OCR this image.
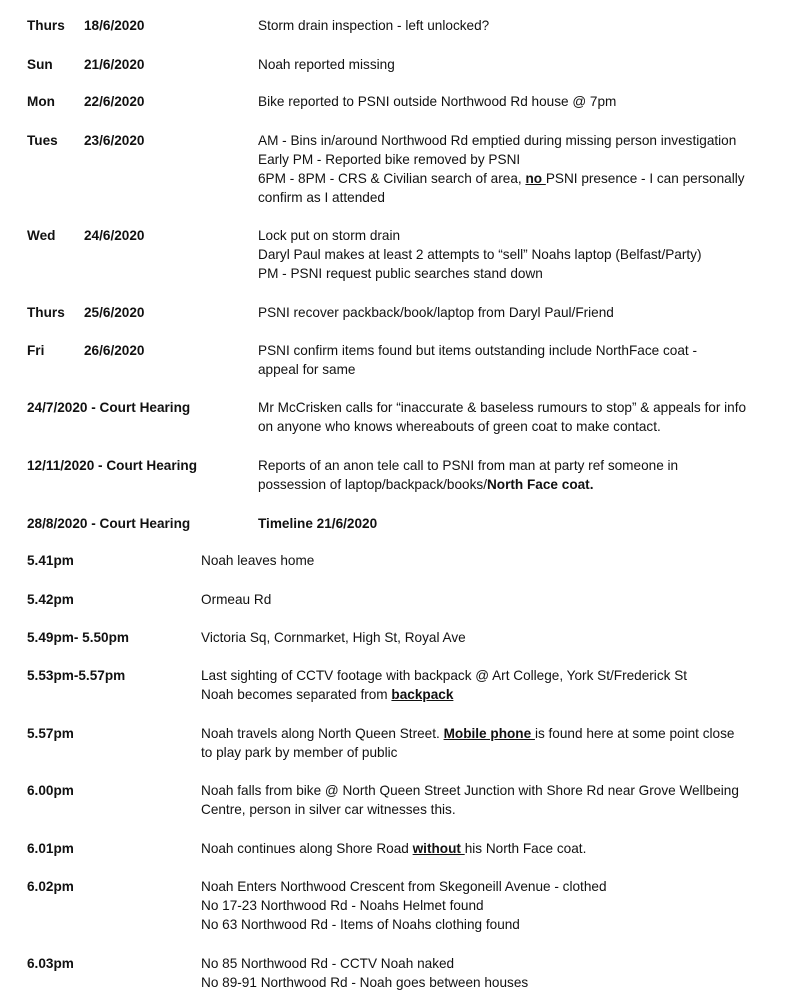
Thurs 18/6/2020	Storm drain inspection - left unlocked?
Sun 21/6/2020	Noah reported missing
Mon 22/6/2020	Bike reported to PSNI outside Northwood Rd house @ 7pm
Tues 23/6/2020	AM - Bins in/around Northwood Rd emptied during missing person investigation
Early PM - Reported bike removed by PSNI
6PM - 8PM - CRS & Civilian search of area, no PSNI presence - I can personally
confirm as I attended
Wed 24/6/2020	Lock put on storm drain
Daryl Paul makes at least 2 attempts to “sell” Noahs laptop (Belfast/Party)
PM - PSNI request public searches stand down
Thurs 25/6/2020	PSNI recover packback/book/laptop from Daryl Paul/Friend
Fri	26/6/2020	PSNI confirm items found but items outstanding include NorthFace coat -
appeal for same
24/7/2020 - Court Hearing	Mr McCrisken calls for “inaccurate & baseless rumours to stop” & appeals for info
on anyone who knows whereabouts of green coat to make contact.
12/11/2020 - Court Hearing	Reports of an anon tele call to PSNI from man at party ref someone in
possession of laptop/backpack/books/North Face coat.
28/8/2020 - Court Hearing	Timeline 21/6/2020
5.41pm	Noah leaves home
5.42pm	Ormeau Rd
5.49pm- 5.50pm	Victoria Sq, Cornmarket, High St, Royal Ave
5.53pm-5.57pm	Last sighting of CCTV footage with backpack @ Art College, York St/Frederick St
Noah becomes separated from backpack
5.57pm	Noah travels along North Queen Street. Mobile phone is found here at some point close
to play park by member of public
6.00pm	Noah falls from bike @ North Queen Street Junction with Shore Rd near Grove Wellbeing
Centre, person in silver car witnesses this.
6.01pm	Noah continues along Shore Road without his North Face coat.
6.02pm	Noah Enters Northwood Crescent from Skegoneill Avenue - clothed
No 17-23 Northwood Rd - Noahs Helmet found
No 63 Northwood Rd - Items of Noahs clothing found
6.03pm	No 85 Northwood Rd - CCTV Noah naked
No 89-91 Northwood Rd - Noah goes between houses
